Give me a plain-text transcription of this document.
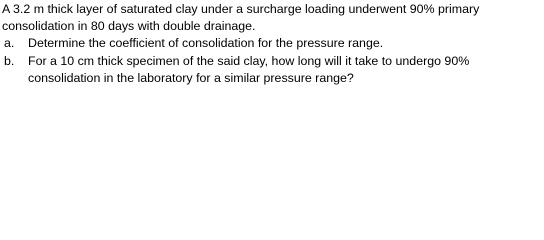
A 3.2 m thick layer of saturated clay under a surcharge loading underwent 90% primary
consolidation in 80 days with double drainage.
a. Determine the coefficient of consolidation for the pressure range.
b. For a 10 cm thick specimen of the said clay, how long will it take to undergo 90%
consolidation in the laboratory for a similar pressure range?
